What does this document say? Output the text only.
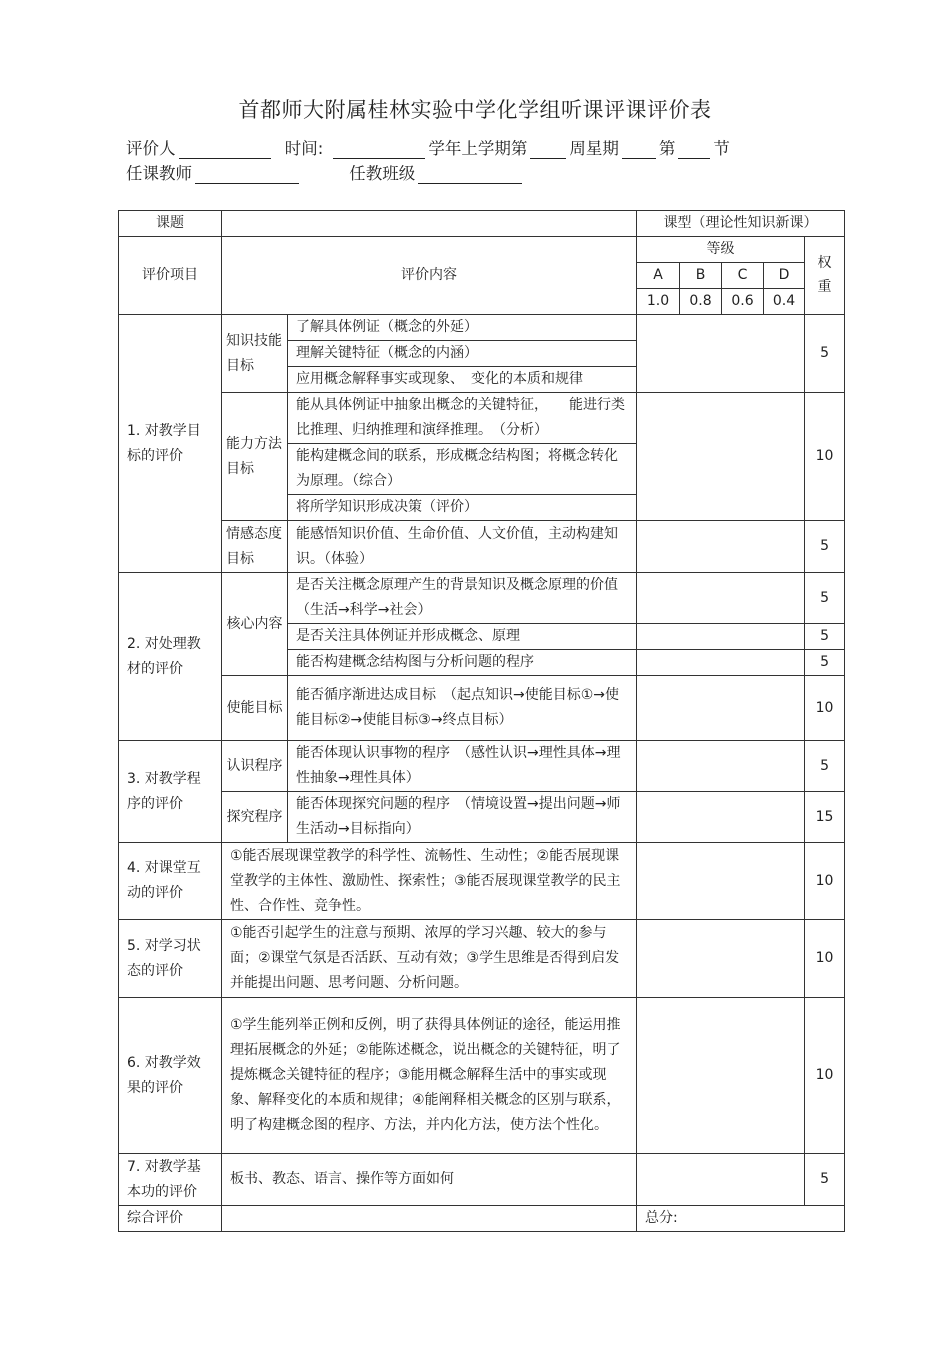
首都师大附属桂林实验中学化学组听课评课评价表
评价人	时间:	学年上学期第	周星期 第 节
任课教师	任教班级
课题			课型（理论性知识新课）				
评价项目	评价内容		等级				权重
			A	B	C	D	
			1.0	0.8	0.6	0.4	
1. 对教学目标的评价	知识技能目标	了解具体例证（概念的外延）					5
		理解关键特征（概念的内涵）					
		应用概念解释事实或现象、　变化的本质和规律					
	能力方法目标	能从具体例证中抽象出概念的关键特征，　　能进行类比推理、归纳推理和演绎推理。　（分析）					10
		能构建概念间的联系，形成概念结构图；将概念转化为原理。（综合）					
		将所学知识形成决策（评价）					
	情感态度目标	能感悟知识价值、生命价值、人文价值，主动构建知识。（体验）					5
2. 对处理教材的评价	核心内容	是否关注概念原理产生的背景知识及概念原理的价值（生活→科学→社会）					5
		是否关注具体例证并形成概念、原理					5
		能否构建概念结构图与分析问题的程序					5
	使能目标	能否循序渐进达成目标　（起点知识→使能目标①→使能目标②→使能目标③→终点目标）					10
3. 对教学程序的评价	认识程序	能否体现认识事物的程序　（感性认识→理性具体→理性抽象→理性具体）					5
	探究程序	能否体现探究问题的程序　（情境设置→提出问题→师生活动→目标指向）					15
4. 对课堂互动的评价	①能否展现课堂教学的科学性、流畅性、生动性；②能否展现课堂教学的主体性、激励性、探索性；③能否展现课堂教学的民主性、合作性、竞争性。						10
5. 对学习状态的评价	①能否引起学生的注意与预期、浓厚的学习兴趣、较大的参与面；②课堂气氛是否活跃、互动有效；③学生思维是否得到启发并能提出问题、思考问题、分析问题。						10
6. 对教学效果的评价	①学生能列举正例和反例，明了获得具体例证的途径，能运用推理拓展概念的外延；②能陈述概念，说出概念的关键特征，明了提炼概念关键特征的程序；③能用概念解释生活中的事实或现象、解释变化的本质和规律；④能阐释相关概念的区别与联系，明了构建概念图的程序、方法，并内化方法，使方法个性化。						10
7. 对教学基本功的评价	板书、教态、语言、操作等方面如何						5
综合评价			总分:				
